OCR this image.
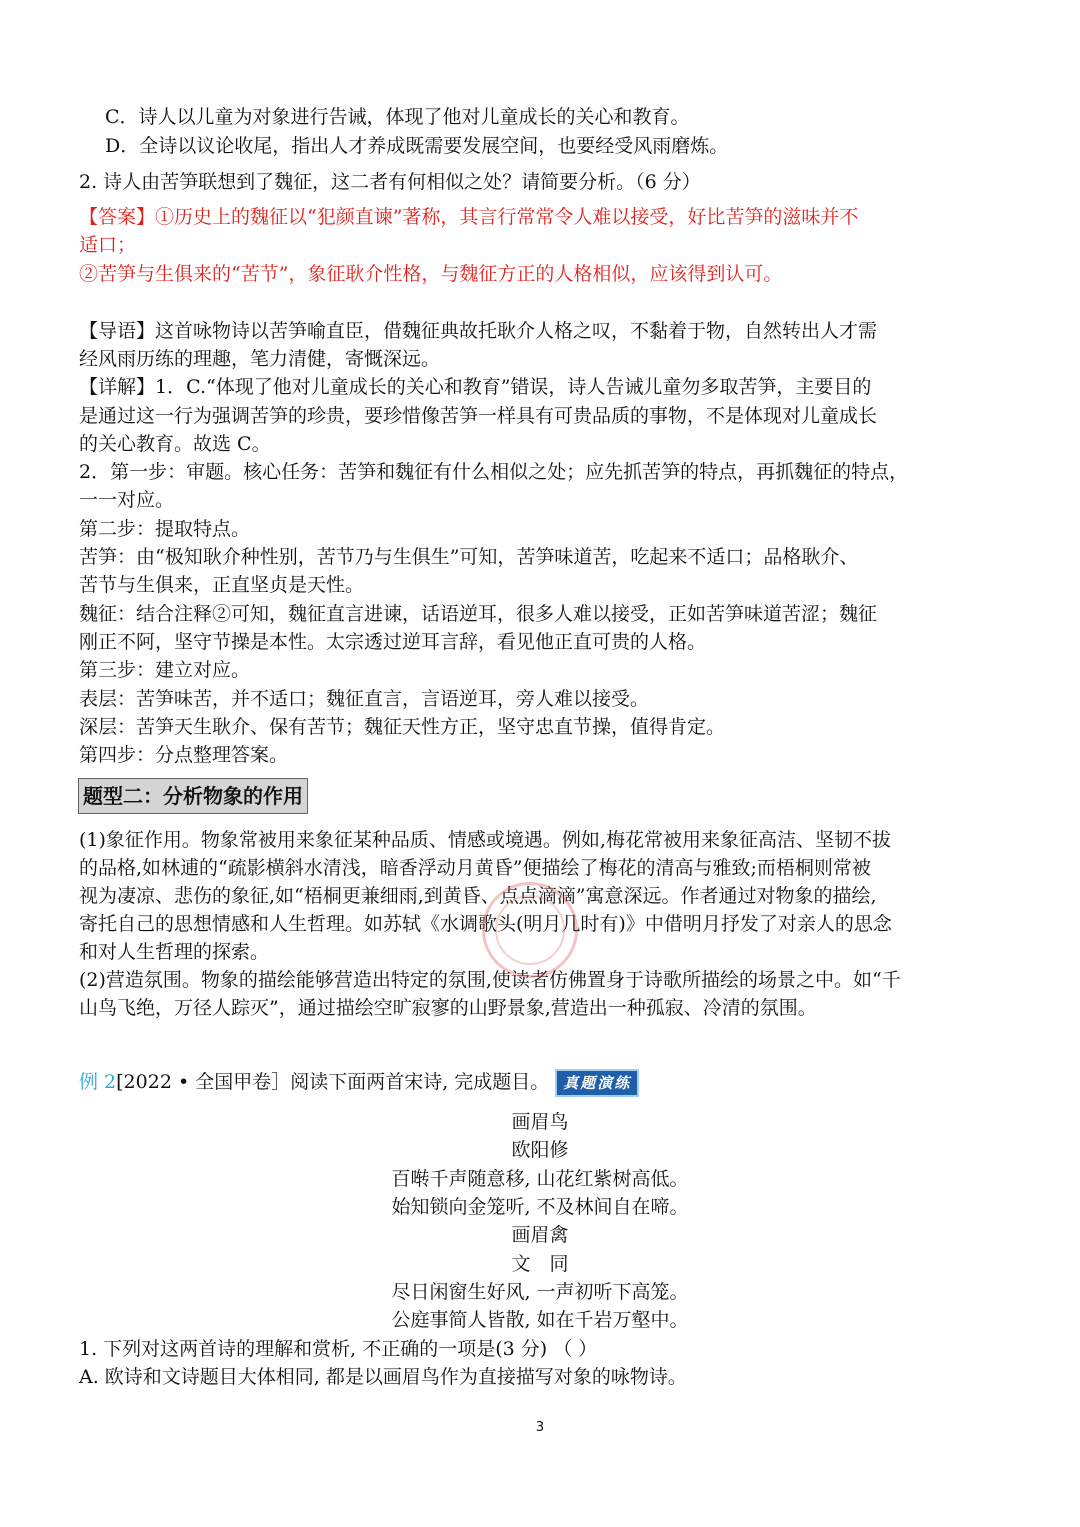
C．诗人以儿童为对象进行告诫，体现了他对儿童成长的关心和教育。
D．全诗以议论收尾，指出人才养成既需要发展空间，也要经受风雨磨炼。
2. 诗人由苦笋联想到了魏征，这二者有何相似之处？请简要分析。（6 分）
【答案】①历史上的魏征以“犯颜直谏”著称，其言行常常令人难以接受，好比苦笋的滋味并不
适口；
②苦笋与生俱来的“苦节”，象征耿介性格，与魏征方正的人格相似，应该得到认可。
【导语】这首咏物诗以苦笋喻直臣，借魏征典故托耿介人格之叹，不黏着于物，自然转出人才需
经风雨历练的理趣，笔力清健，寄慨深远。
【详解】1．C.“体现了他对儿童成长的关心和教育”错误，诗人告诫儿童勿多取苦笋，主要目的
是通过这一行为强调苦笋的珍贵，要珍惜像苦笋一样具有可贵品质的事物，不是体现对儿童成长
的关心教育。故选 C。
2．第一步：审题。核心任务：苦笋和魏征有什么相似之处；应先抓苦笋的特点，再抓魏征的特点，
一一对应。
第二步：提取特点。
苦笋：由“极知耿介种性别，苦节乃与生俱生”可知，苦笋味道苦，吃起来不适口；品格耿介、
苦节与生俱来，正直坚贞是天性。
魏征：结合注释②可知，魏征直言进谏，话语逆耳，很多人难以接受，正如苦笋味道苦涩；魏征
刚正不阿，坚守节操是本性。太宗透过逆耳言辞，看见他正直可贵的人格。
第三步：建立对应。
表层：苦笋味苦，并不适口；魏征直言，言语逆耳，旁人难以接受。
深层：苦笋天生耿介、保有苦节；魏征天性方正，坚守忠直节操，值得肯定。
第四步：分点整理答案。
题型二：分析物象的作用
(1)象征作用。物象常被用来象征某种品质、情感或境遇。例如,梅花常被用来象征高洁、坚韧不拔
的品格,如林逋的“疏影横斜水清浅，暗香浮动月黄昏”便描绘了梅花的清高与雅致;而梧桐则常被
视为凄凉、悲伤的象征,如“梧桐更兼细雨,到黄昏、点点滴滴”寓意深远。作者通过对物象的描绘,
寄托自己的思想情感和人生哲理。如苏轼《水调歌头(明月几时有)》中借明月抒发了对亲人的思念
和对人生哲理的探索。
(2)营造氛围。物象的描绘能够营造出特定的氛围,使读者仿佛置身于诗歌所描绘的场景之中。如“千
山鸟飞绝，万径人踪灭”，通过描绘空旷寂寥的山野景象,营造出一种孤寂、冷清的氛围。
例 2[2022 • 全国甲卷］阅读下面两首宋诗, 完成题目。 真题演练
画眉鸟
欧阳修
百啭千声随意移, 山花红紫树高低。
始知锁向金笼听, 不及林间自在啼。
画眉禽
文　同
尽日闲窗生好风, 一声初听下高笼。
公庭事简人皆散, 如在千岩万壑中。
1. 下列对这两首诗的理解和赏析, 不正确的一项是(3 分) （ ）
A. 欧诗和文诗题目大体相同, 都是以画眉鸟作为直接描写对象的咏物诗。
3
